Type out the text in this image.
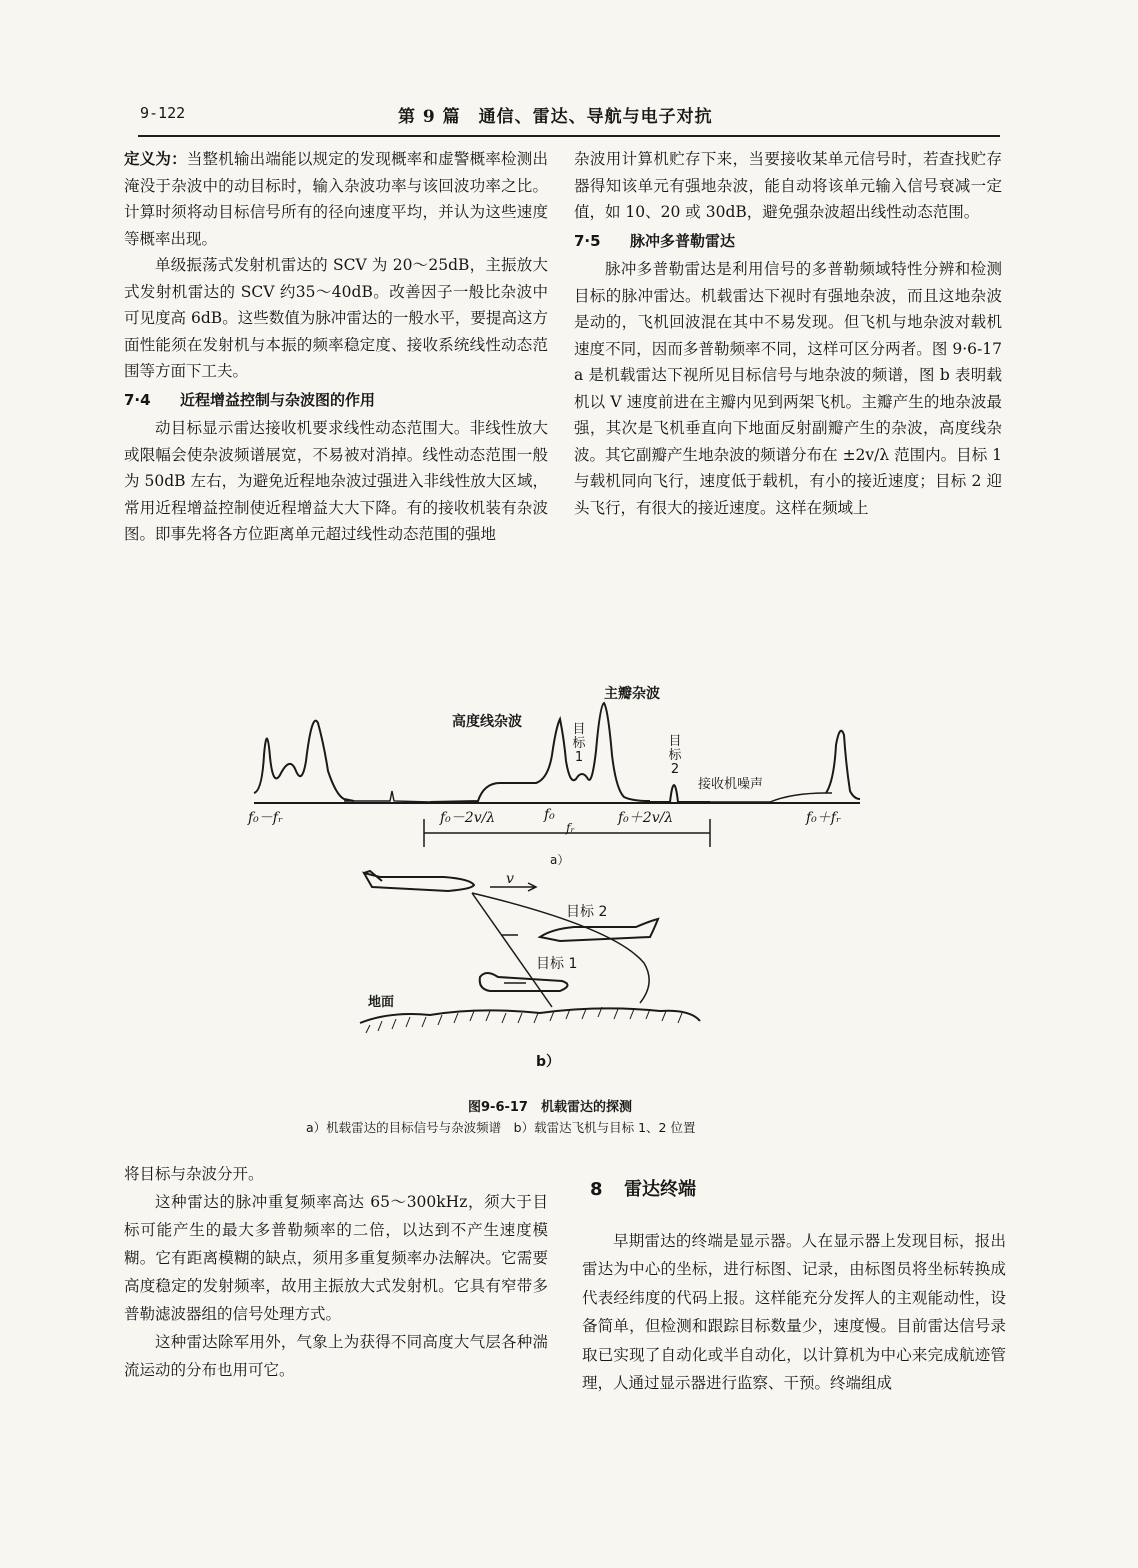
9-122	第 9 篇　通信、雷达、导航与电子对抗

定义为：当整机输出端能以规定的发现概率和虚警概率检测出淹没于杂波中的动目标时，输入杂波功率与该回波功率之比。计算时须将动目标信号所有的径向速度平均，并认为这些速度等概率出现。

单级振荡式发射机雷达的 SCV 为 20～25dB，主振放大式发射机雷达的 SCV 约35～40dB。改善因子一般比杂波中可见度高 6dB。这些数值为脉冲雷达的一般水平，要提高这方面性能须在发射机与本振的频率稳定度、接收系统线性动态范围等方面下工夫。

7·4 近程增益控制与杂波图的作用

动目标显示雷达接收机要求线性动态范围大。非线性放大或限幅会使杂波频谱展宽，不易被对消掉。线性动态范围一般为 50dB 左右，为避免近程地杂波过强进入非线性放大区域，常用近程增益控制使近程增益大大下降。有的接收机装有杂波图。即事先将各方位距离单元超过线性动态范围的强地

杂波用计算机贮存下来，当要接收某单元信号时，若查找贮存器得知该单元有强地杂波，能自动将该单元输入信号衰减一定值，如 10、20 或 30dB，避免强杂波超出线性动态范围。

7·5 脉冲多普勒雷达

脉冲多普勒雷达是利用信号的多普勒频域特性分辨和检测目标的脉冲雷达。机载雷达下视时有强地杂波，而且这地杂波是动的，飞机回波混在其中不易发现。但飞机与地杂波对载机速度不同，因而多普勒频率不同，这样可区分两者。图 9·6-17 a 是机载雷达下视所见目标信号与地杂波的频谱，图 b 表明载机以 V 速度前进在主瓣内见到两架飞机。主瓣产生的地杂波最强，其次是飞机垂直向下地面反射副瓣产生的杂波，高度线杂波。其它副瓣产生地杂波的频谱分布在 ±2v/λ 范围内。目标 1 与载机同向飞行，速度低于载机，有小的接近速度；目标 2 迎头飞行，有很大的接近速度。这样在频域上

高度线杂波
主瓣杂波
目标1
目标2
接收机噪声
f₀－fᵣ	f₀－2v/λ	f₀
fᵣ
f₀＋2v/λ	f₀＋fᵣ
a）
v
目标 2
目标 1
地面
b）
图9-6-17　机载雷达的探测
a）机载雷达的目标信号与杂波频谱　b）载雷达飞机与目标 1、2 位置

将目标与杂波分开。

这种雷达的脉冲重复频率高达 65～300kHz，须大于目标可能产生的最大多普勒频率的二倍，以达到不产生速度模糊。它有距离模糊的缺点，须用多重复频率办法解决。它需要高度稳定的发射频率，故用主振放大式发射机。它具有窄带多普勒滤波器组的信号处理方式。

这种雷达除军用外，气象上为获得不同高度大气层各种湍流运动的分布也用可它。

8 雷达终端

早期雷达的终端是显示器。人在显示器上发现目标，报出雷达为中心的坐标，进行标图、记录，由标图员将坐标转换成代表经纬度的代码上报。这样能充分发挥人的主观能动性，设备简单，但检测和跟踪目标数量少，速度慢。目前雷达信号录取已实现了自动化或半自动化，以计算机为中心来完成航迹管理，人通过显示器进行监察、干预。终端组成
